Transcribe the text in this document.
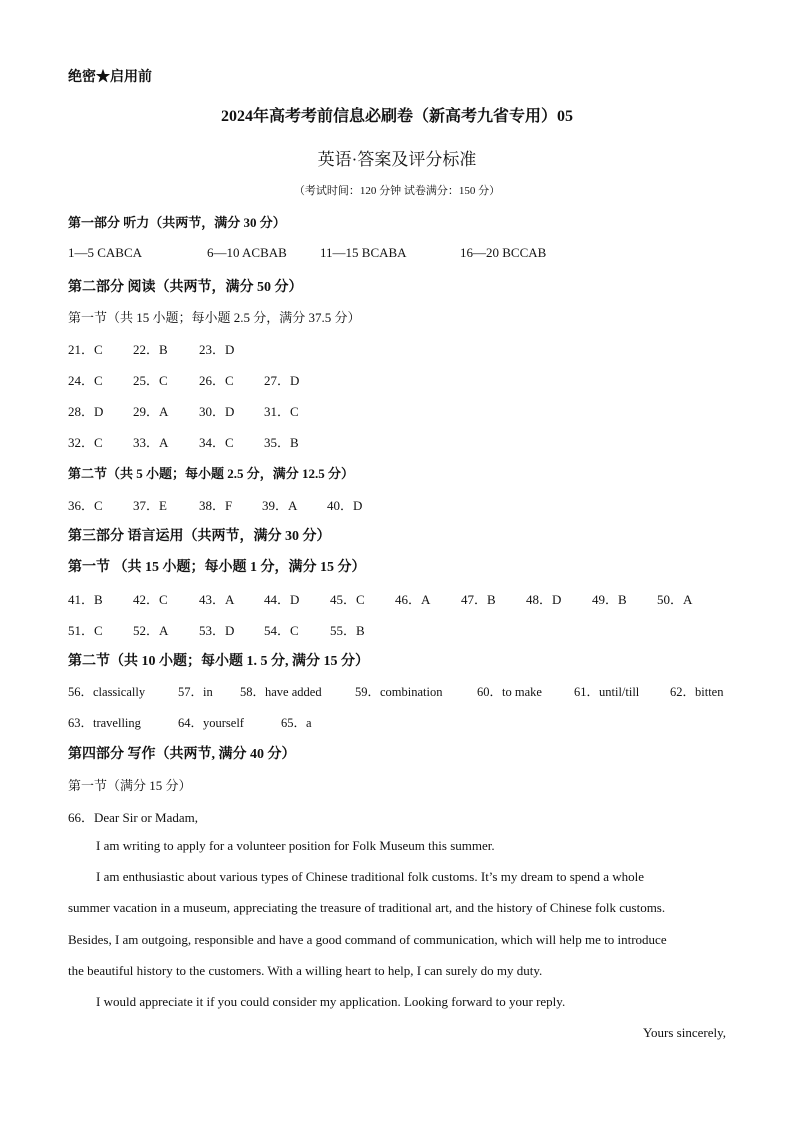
绝密★启用前
2024年高考考前信息必刷卷（新高考九省专用）05
英语·答案及评分标准
（考试时间：120 分钟 试卷满分：150 分）
第一部分 听力（共两节，满分 30 分）
1—5 CABCA	6—10 ACBAB	11—15 BCABA	16—20 BCCAB
第二部分 阅读（共两节，满分 50 分）
第一节（共 15 小题；每小题 2.5 分，满分 37.5 分）
21．C 22．B 23．D
24．C 25．C 26．C 27．D
28．D 29．A 30．D 31．C
32．C 33．A 34．C 35．B
第二节（共 5 小题；每小题 2.5 分，满分 12.5 分）
36．C 37．E 38．F 39．A 40．D
第三部分 语言运用（共两节，满分 30 分）
第一节 （共 15 小题；每小题 1 分，满分 15 分）
41．B 42．C 43．A 44．D 45．C 46．A 47．B 48．D 49．B 50．A
51．C 52．A 53．D 54．C 55．B
第二节（共 10 小题；每小题 1. 5 分, 满分 15 分）
56．classically	57．in 58．have added	59．combination	60．to make	61．until/till 62．bitten
63．travelling	64．yourself	65．a
第四部分 写作（共两节, 满分 40 分）
第一节（满分 15 分）
66．Dear Sir or Madam,
I am writing to apply for a volunteer position for Folk Museum this summer.
I am enthusiastic about various types of Chinese traditional folk customs. It’s my dream to spend a whole
summer vacation in a museum, appreciating the treasure of traditional art, and the history of Chinese folk customs.
Besides, I am outgoing, responsible and have a good command of communication, which will help me to introduce
the beautiful history to the customers. With a willing heart to help, I can surely do my duty.
I would appreciate it if you could consider my application. Looking forward to your reply.
Yours sincerely,
